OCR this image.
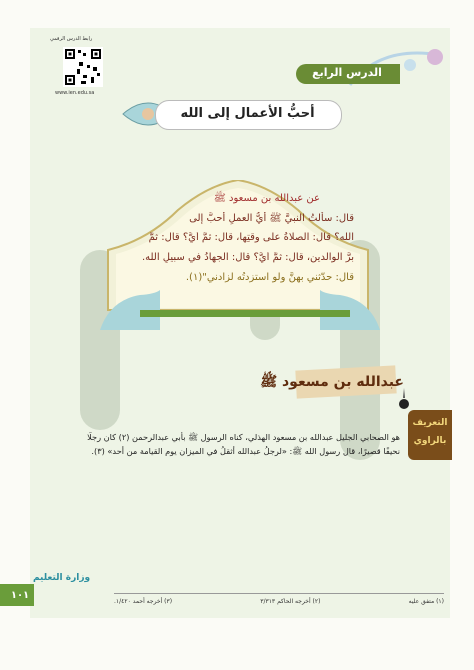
رابط الدرس الرقمي
www.ien.edu.sa
الدرس الرابع
أحبُّ الأعمال إلى الله
عن عبدالله بن مسعود ﷺ
قال: سألتُ النبيَّ ﷺ أيُّ العملِ أحبُّ إلى
الله؟ قال: الصلاةُ على وقتِها، قال: ثمَّ أيُّ؟ قال: ثمَّ
برُّ الوالدين، قال: ثمَّ أيُّ؟ قال: الجهادُ في سبيلِ الله.
قال: حدَّثني بهنَّ ولو استزدتُه لزادني"(١).
عبدالله بن مسعود ﷺ
التعريف
بالراوي
هو الصحابي الجليل عبدالله بن مسعود الهذلي، كناه الرسول ﷺ بأبي عبدالرحمن (٢) كان رجلًا
نحيفًا قصيرًا، قال رسول الله ﷺ: «لرجلُ عبدالله أثقلُ في الميزان يوم القيامة من أحد» (٣).
(١) متفق عليه
(٢) أخرجه الحاكم ٣/٣١٣
(٣) أخرجه أحمد ١/٤٢٠.
وزارة التعليم
١٠١
